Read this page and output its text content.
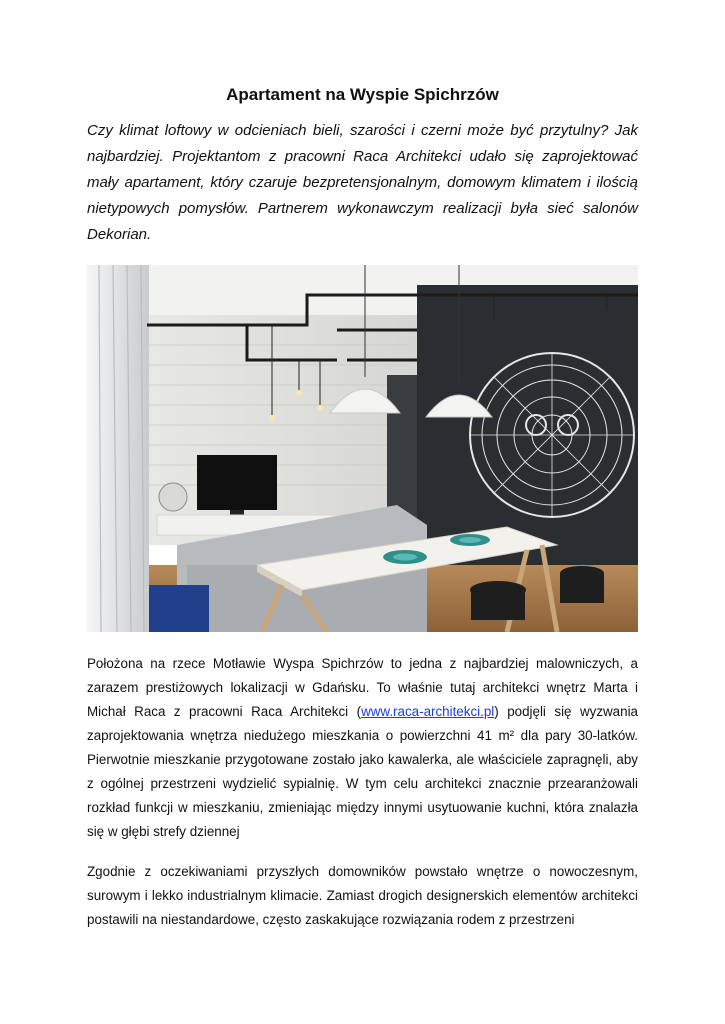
Apartament na Wyspie Spichrzów

Czy klimat loftowy w odcieniach bieli, szarości i czerni może być przytulny? Jak najbardziej. Projektantom z pracowni Raca Architekci udało się zaprojektować mały apartament, który czaruje bezpretensjonalnym, domowym klimatem i ilością nietypowych pomysłów. Partnerem wykonawczym realizacji była sieć salonów Dekorian.

Położona na rzece Motławie Wyspa Spichrzów to jedna z najbardziej malowniczych, a zarazem prestiżowych lokalizacji w Gdańsku. To właśnie tutaj architekci wnętrz Marta i Michał Raca z pracowni Raca Architekci (www.raca-architekci.pl) podjęli się wyzwania zaprojektowania wnętrza niedużego mieszkania o powierzchni 41 m² dla pary 30-latków. Pierwotnie mieszkanie przygotowane zostało jako kawalerka, ale właściciele zapragnęli, aby z ogólnej przestrzeni wydzielić sypialnię. W tym celu architekci znacznie przearanżowali rozkład funkcji w mieszkaniu, zmieniając między innymi usytuowanie kuchni, która znalazła się w głębi strefy dziennej

Zgodnie z oczekiwaniami przyszłych domowników powstało wnętrze o nowoczesnym, surowym i lekko industrialnym klimacie. Zamiast drogich designerskich elementów architekci postawili na niestandardowe, często zaskakujące rozwiązania rodem z przestrzeni
